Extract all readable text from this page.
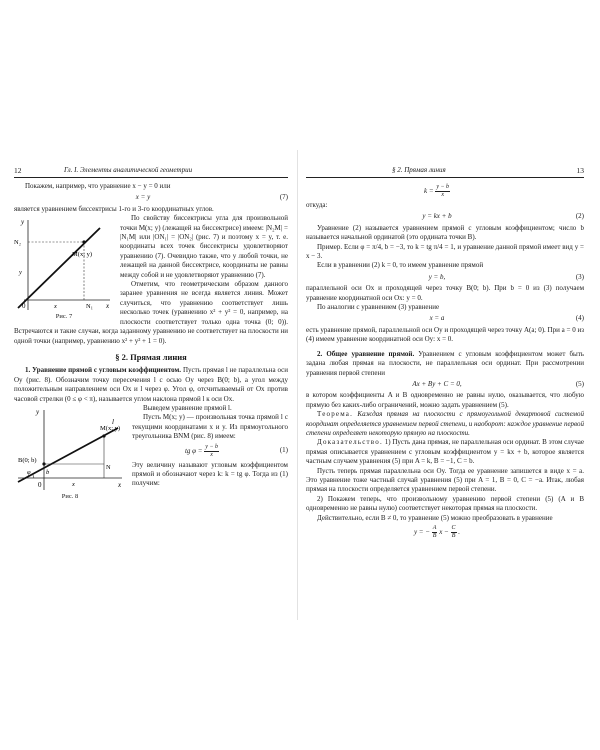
12	Гл. I. Элементы аналитической геометрии

Покажем, например, что уравнение x − y = 0 или

x = y	(7)

является уравнением биссектрисы 1-го и 3-го координатных углов.

y
x
0
N₂
N₁
M(x; y)
y
x
Рис. 7

По свойству биссектрисы угла для произвольной точки M(x; y) (лежащей на биссектрисе) имеем: |N₂M| = |N₁M| или |ON₁| = |ON₂| (рис. 7) и поэтому x = y, т. е. координаты всех точек биссектрисы удовлетворяют уравнению (7). Очевидно также, что у любой точки, не лежащей на данной биссектрисе, координаты не равны между собой и не удовлетворяют уравнению (7).

Отметим, что геометрическим образом данного заранее уравнения не всегда является линия. Может случиться, что уравнению соответствует лишь несколько точек (уравнению x² + y² = 0, например, на плоскости соответствует только одна точка (0; 0)). Встречаются и такие случаи, когда заданному уравнению не соответствует на плоскости ни одной точки (например, уравнению x² + y² + 1 = 0).

§ 2. Прямая линия

1. Уравнение прямой с угловым коэффициентом. Пусть прямая l не параллельна оси Oy (рис. 8). Обозначим точку пересечения l с осью Oy через B(0; b), а угол между положительным направлением оси Ox и l через φ. Угол φ, отсчитываемый от Ox против часовой стрелки (0 ≤ φ < π), называется углом наклона прямой l к оси Ox.

y
x
0
l
M(x; y)
B(0; b)
N
φ b
x
Рис. 8

Выведем уравнение прямой l.

Пусть M(x; y) — произвольная точка прямой l с текущими координатами x и y. Из прямоугольного треугольника BNM (рис. 8) имеем:

tg $\varphi = \frac{y - b}{x}$	(1)

Эту величину называют угловым коэффициентом прямой и обозначают через k: k = tg φ. Тогда из (1) получим:

§ 2. Прямая линия	13
$k = \frac{y - b}{x}$

откуда:

y = kx + b	(2)

Уравнение (2) называется уравнением прямой с угловым коэффициентом; число b называется начальной ординатой (это ордината точки B).

Пример. Если φ = π/4, b = −3, то k = tg π/4 = 1, и уравнение данной прямой имеет вид y = x − 3.

Если в уравнении (2) k = 0, то имеем уравнение прямой

y = b,	(3)

параллельной оси Ox и проходящей через точку B(0; b). При b = 0 из (3) получаем уравнение координатной оси Ox: y = 0.

По аналогии с уравнением (3) уравнение

x = a	(4)

есть уравнение прямой, параллельной оси Oy и проходящей через точку A(a; 0). При a = 0 из (4) имеем уравнение координатной оси Oy: x = 0.

2. Общее уравнение прямой. Уравнением с угловым коэффициентом может быть задана любая прямая на плоскости, не параллельная оси ординат. При рассмотрении уравнения первой степени

Ax + By + C = 0,	(5)

в котором коэффициенты A и B одновременно не равны нулю, оказывается, что любую прямую без каких-либо ограничений, можно задать уравнением (5).

Теорема. Каждая прямая на плоскости с прямоугольной декартовой системой координат определяется уравнением первой степени, и наоборот: каждое уравнение первой степени определяет некоторую прямую на плоскости.

Доказательство. 1) Пусть дана прямая, не параллельная оси ординат. В этом случае прямая описывается уравнением с угловым коэффициентом y = kx + b, которое является частным случаем уравнения (5) при A = k, B = −1, C = b.

Пусть теперь прямая параллельна оси Oy. Тогда ее уравнение запишется в виде x = a. Это уравнение тоже частный случай уравнения (5) при A = 1, B = 0, C = −a. Итак, любая прямая на плоскости определяется уравнением первой степени.

2) Покажем теперь, что произвольному уравнению первой степени (5) (A и B одновременно не равны нулю) соответствует некоторая прямая на плоскости.

Действительно, если B ≠ 0, то уравнение (5) можно преобразовать в уравнение

y = − $\frac{A}{B}$ $x - \frac{C}{B}$ .
